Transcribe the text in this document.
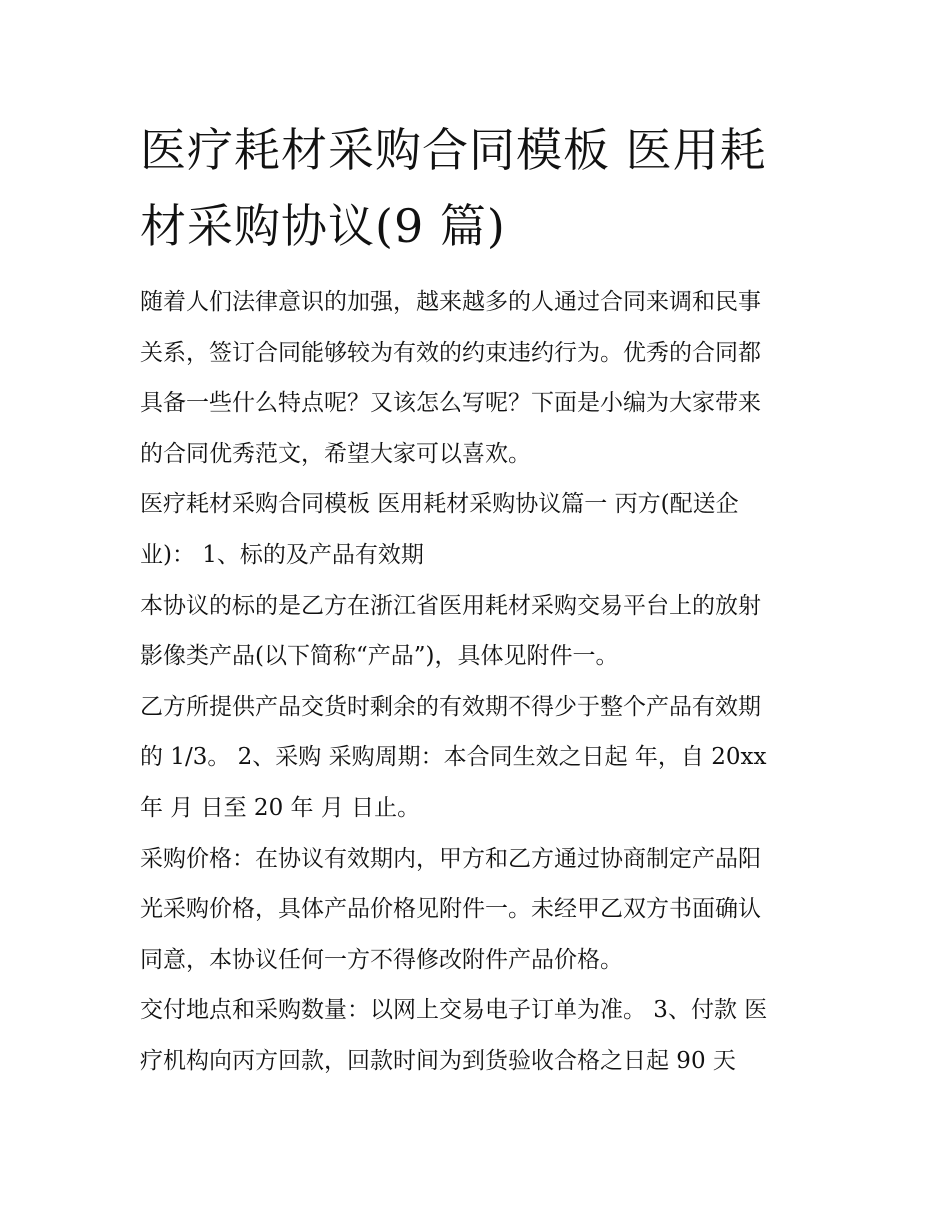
医疗耗材采购合同模板 医用耗
材采购协议(9 篇)
随着人们法律意识的加强，越来越多的人通过合同来调和民事
关系，签订合同能够较为有效的约束违约行为。优秀的合同都
具备一些什么特点呢？又该怎么写呢？下面是小编为大家带来
的合同优秀范文，希望大家可以喜欢。
医疗耗材采购合同模板 医用耗材采购协议篇一 丙方(配送企
业)： 1、标的及产品有效期
本协议的标的是乙方在浙江省医用耗材采购交易平台上的放射
影像类产品(以下简称“产品”)，具体见附件一。
乙方所提供产品交货时剩余的有效期不得少于整个产品有效期
的 1/3。 2、采购 采购周期：本合同生效之日起 年，自 20xx
年 月 日至 20 年 月 日止。
采购价格：在协议有效期内，甲方和乙方通过协商制定产品阳
光采购价格，具体产品价格见附件一。未经甲乙双方书面确认
同意，本协议任何一方不得修改附件产品价格。
交付地点和采购数量：以网上交易电子订单为准。 3、付款 医
疗机构向丙方回款，回款时间为到货验收合格之日起 90 天
